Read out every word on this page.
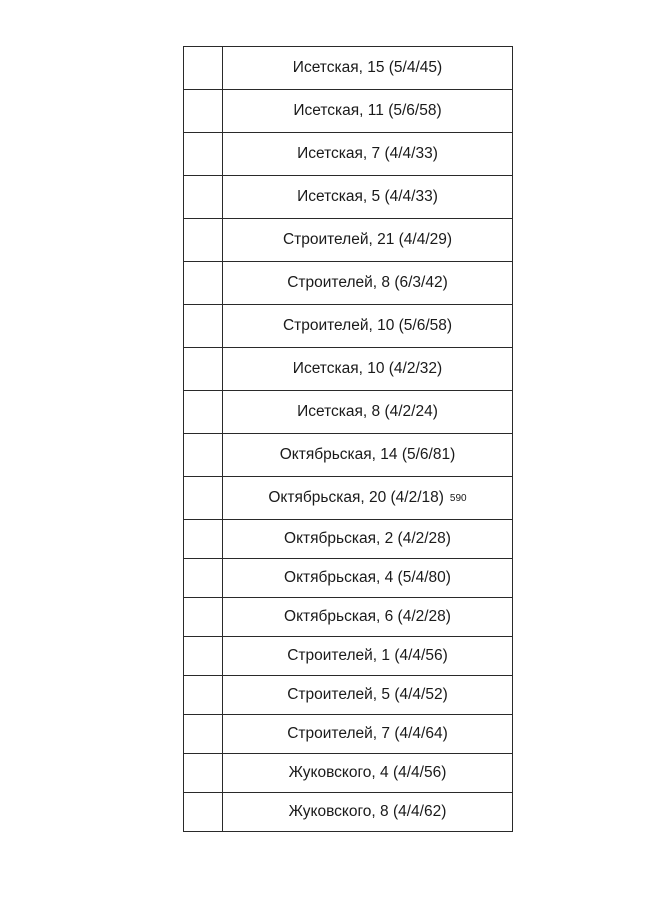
	Исетская, 15 (5/4/45)
	Исетская, 11 (5/6/58)
	Исетская, 7 (4/4/33)
	Исетская, 5 (4/4/33)
	Строителей, 21 (4/4/29)
	Строителей, 8 (6/3/42)
	Строителей, 10 (5/6/58)
	Исетская, 10 (4/2/32)
	Исетская, 8 (4/2/24)
	Октябрьская, 14 (5/6/81)
	Октябрьская, 20 (4/2/18) 590
	Октябрьская, 2 (4/2/28)
	Октябрьская, 4 (5/4/80)
	Октябрьская, 6 (4/2/28)
	Строителей, 1 (4/4/56)
	Строителей, 5 (4/4/52)
	Строителей, 7 (4/4/64)
	Жуковского, 4 (4/4/56)
	Жуковского, 8 (4/4/62)
